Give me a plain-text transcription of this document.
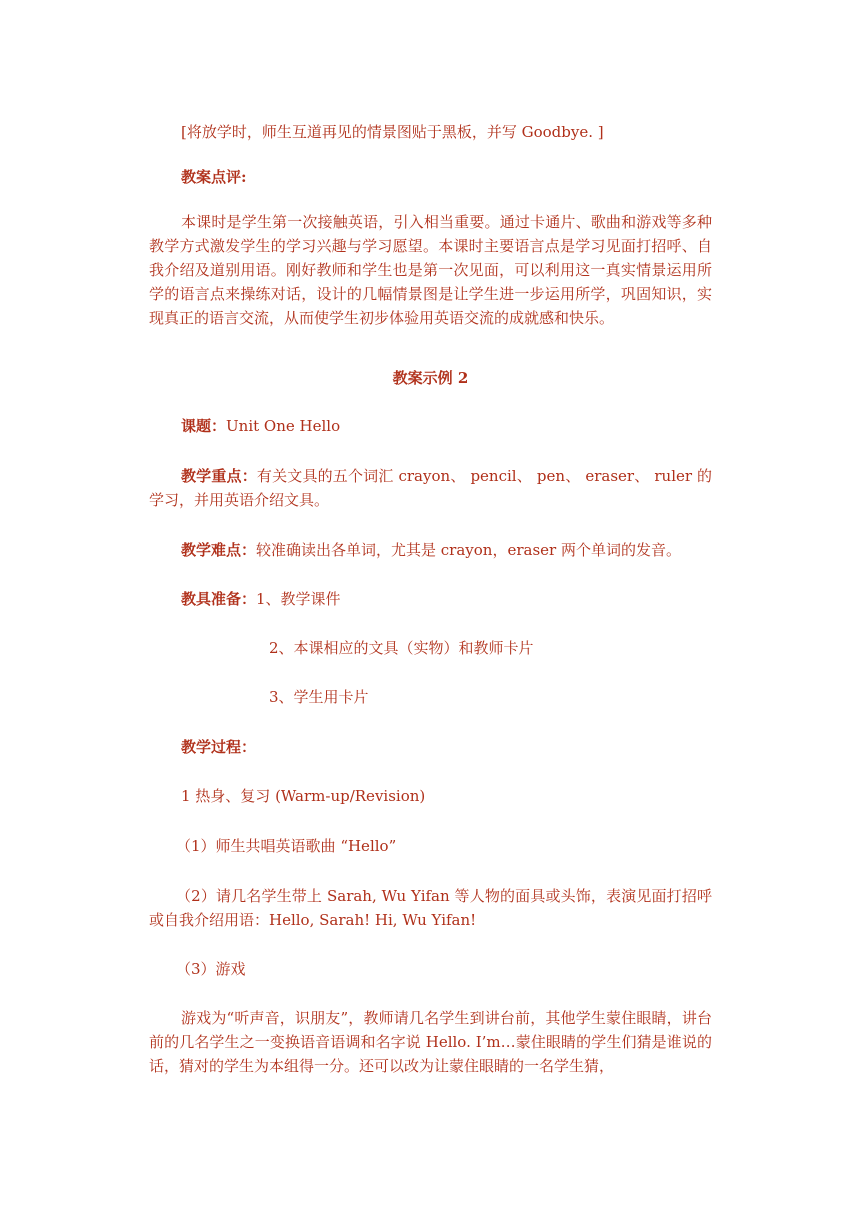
[将放学时，师生互道再见的情景图贴于黑板，并写 Goodbye. ]
教案点评:
本课时是学生第一次接触英语，引入相当重要。通过卡通片、歌曲和游戏等多种教学方式激发学生的学习兴趣与学习愿望。本课时主要语言点是学习见面打招呼、自我介绍及道别用语。刚好教师和学生也是第一次见面，可以利用这一真实情景运用所学的语言点来操练对话，设计的几幅情景图是让学生进一步运用所学，巩固知识，实现真正的语言交流，从而使学生初步体验用英语交流的成就感和快乐。
教案示例 2
课题：Unit One Hello
教学重点：有关文具的五个词汇 crayon、 pencil、 pen、 eraser、 ruler 的学习，并用英语介绍文具。
教学难点：较准确读出各单词，尤其是 crayon，eraser 两个单词的发音。
教具准备：1、教学课件
2、本课相应的文具（实物）和教师卡片
3、学生用卡片
教学过程：
1 热身、复习 (Warm-up/Revision)
（1）师生共唱英语歌曲 “Hello”
（2）请几名学生带上 Sarah, Wu Yifan 等人物的面具或头饰，表演见面打招呼或自我介绍用语：Hello, Sarah! Hi, Wu Yifan!
（3）游戏
游戏为“听声音，识朋友”，教师请几名学生到讲台前，其他学生蒙住眼睛，讲台前的几名学生之一变换语音语调和名字说 Hello. I’m…蒙住眼睛的学生们猜是谁说的话，猜对的学生为本组得一分。还可以改为让蒙住眼睛的一名学生猜，
